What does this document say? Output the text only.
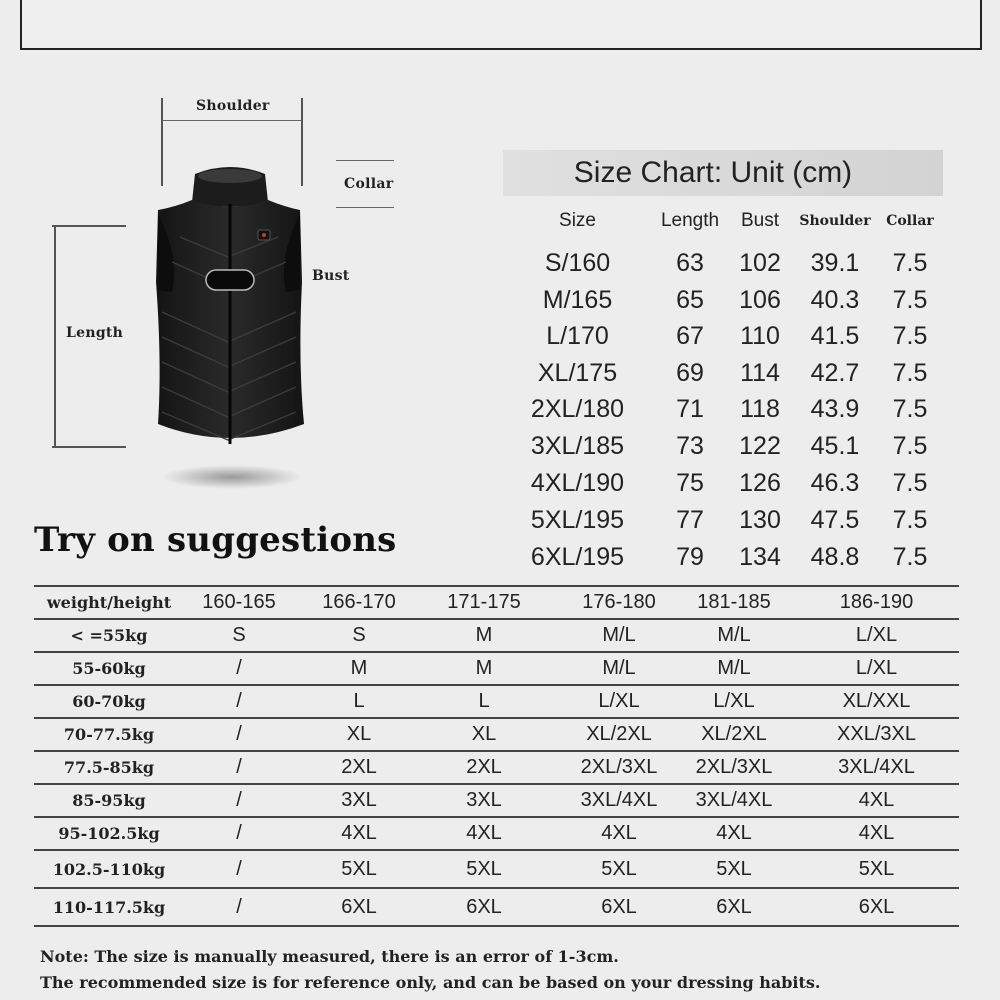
Shoulder
Collar
Bust
Length
Size Chart: Unit (cm)
Size	Length	Bust	Shoulder	Collar
S/160	63	102	39.1	7.5
M/165	65	106	40.3	7.5
L/170	67	110	41.5	7.5
XL/175	69	114	42.7	7.5
2XL/180	71	118	43.9	7.5
3XL/185	73	122	45.1	7.5
4XL/190	75	126	46.3	7.5
5XL/195	77	130	47.5	7.5
6XL/195	79	134	48.8	7.5
Try on suggestions
weight/height	160-165	166-170	171-175	176-180	181-185	186-190
< =55kg	S	S	M	M/L	M/L	L/XL
55-60kg	/	M	M	M/L	M/L	L/XL
60-70kg	/	L	L	L/XL	L/XL	XL/XXL
70-77.5kg	/	XL	XL	XL/2XL	XL/2XL	XXL/3XL
77.5-85kg	/	2XL	2XL	2XL/3XL	2XL/3XL	3XL/4XL
85-95kg	/	3XL	3XL	3XL/4XL	3XL/4XL	4XL
95-102.5kg	/	4XL	4XL	4XL	4XL	4XL
102.5-110kg	/	5XL	5XL	5XL	5XL	5XL
110-117.5kg	/	6XL	6XL	6XL	6XL	6XL
Note: The size is manually measured, there is an error of 1-3cm.
The recommended size is for reference only, and can be based on your dressing habits.
